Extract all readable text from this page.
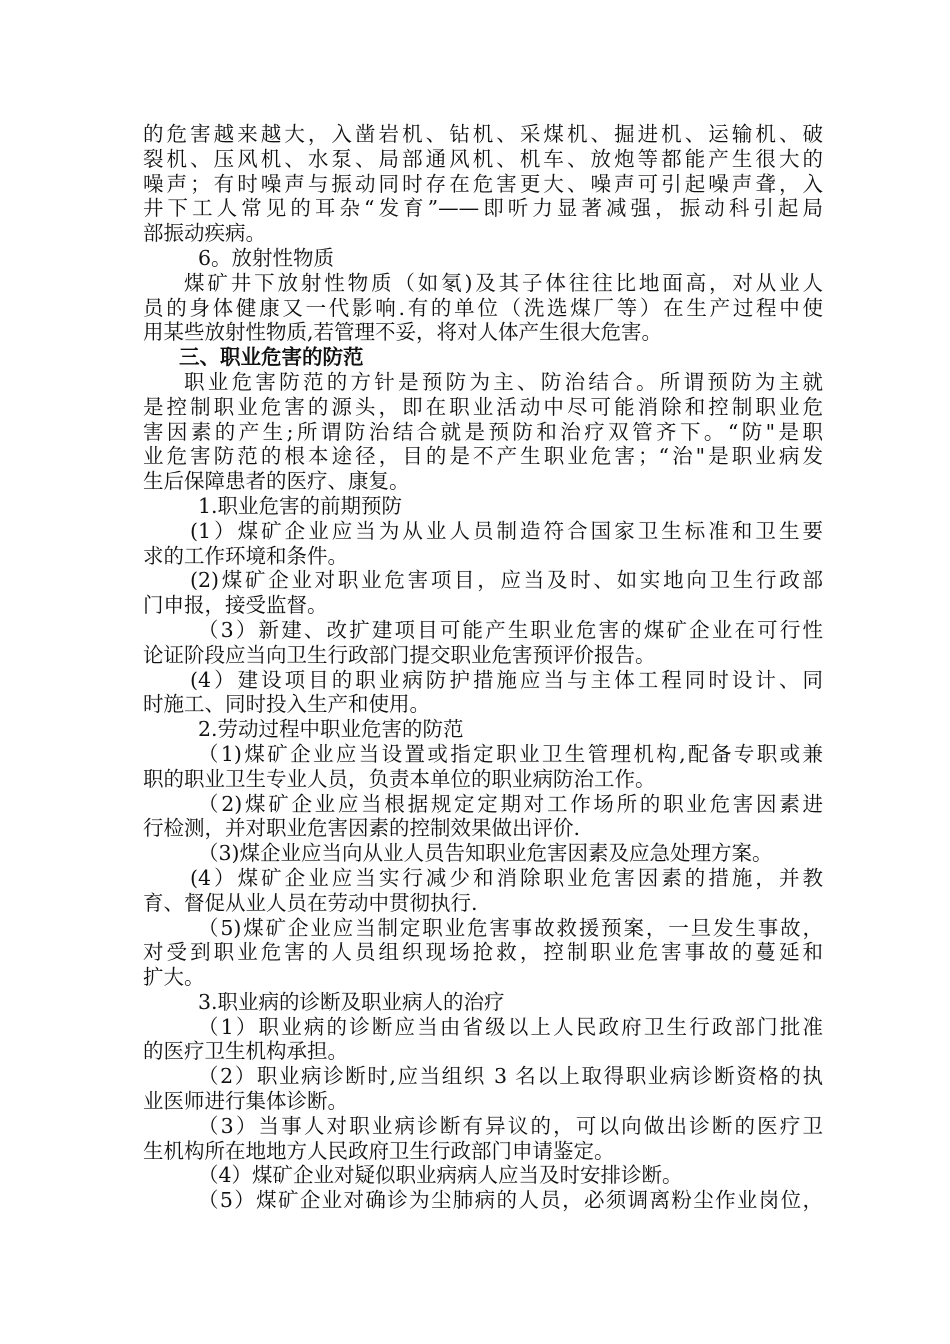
的危害越来越大，入凿岩机、钻机、采煤机、掘进机、运输机、破
裂机、压风机、水泵、局部通风机、机车、放炮等都能产生很大的
噪声；有时噪声与振动同时存在危害更大、噪声可引起噪声聋，入
井下工人常见的耳杂“发育”——即听力显著减强，振动科引起局
部振动疾病。
6。放射性物质
煤矿井下放射性物质（如氡)及其子体往往比地面高，对从业人
员的身体健康又一代影响.有的单位（洗选煤厂等）在生产过程中使
用某些放射性物质,若管理不妥，将对人体产生很大危害。
三、职业危害的防范
职业危害防范的方针是预防为主、防治结合。所谓预防为主就
是控制职业危害的源头，即在职业活动中尽可能消除和控制职业危
害因素的产生;所谓防治结合就是预防和治疗双管齐下。“防"是职
业危害防范的根本途径，目的是不产生职业危害；“治"是职业病发
生后保障患者的医疗、康复。
1.职业危害的前期预防
(1）煤矿企业应当为从业人员制造符合国家卫生标准和卫生要
求的工作环境和条件。
(2)煤矿企业对职业危害项目，应当及时、如实地向卫生行政部
门申报，接受监督。
（3）新建、改扩建项目可能产生职业危害的煤矿企业在可行性
论证阶段应当向卫生行政部门提交职业危害预评价报告。
(4）建设项目的职业病防护措施应当与主体工程同时设计、同
时施工、同时投入生产和使用。
2.劳动过程中职业危害的防范
（1)煤矿企业应当设置或指定职业卫生管理机构,配备专职或兼
职的职业卫生专业人员，负责本单位的职业病防治工作。
（2)煤矿企业应当根据规定定期对工作场所的职业危害因素进
行检测，并对职业危害因素的控制效果做出评价.
（3)煤企业应当向从业人员告知职业危害因素及应急处理方案。
(4）煤矿企业应当实行减少和消除职业危害因素的措施，并教
育、督促从业人员在劳动中贯彻执行.
（5)煤矿企业应当制定职业危害事故救援预案，一旦发生事故，
对受到职业危害的人员组织现场抢救，控制职业危害事故的蔓延和
扩大。
3.职业病的诊断及职业病人的治疗
（1）职业病的诊断应当由省级以上人民政府卫生行政部门批准
的医疗卫生机构承担。
（2）职业病诊断时,应当组织 3 名以上取得职业病诊断资格的执
业医师进行集体诊断。
（3）当事人对职业病诊断有异议的，可以向做出诊断的医疗卫
生机构所在地地方人民政府卫生行政部门申请鉴定。
（4）煤矿企业对疑似职业病病人应当及时安排诊断。
（5）煤矿企业对确诊为尘肺病的人员，必须调离粉尘作业岗位，
